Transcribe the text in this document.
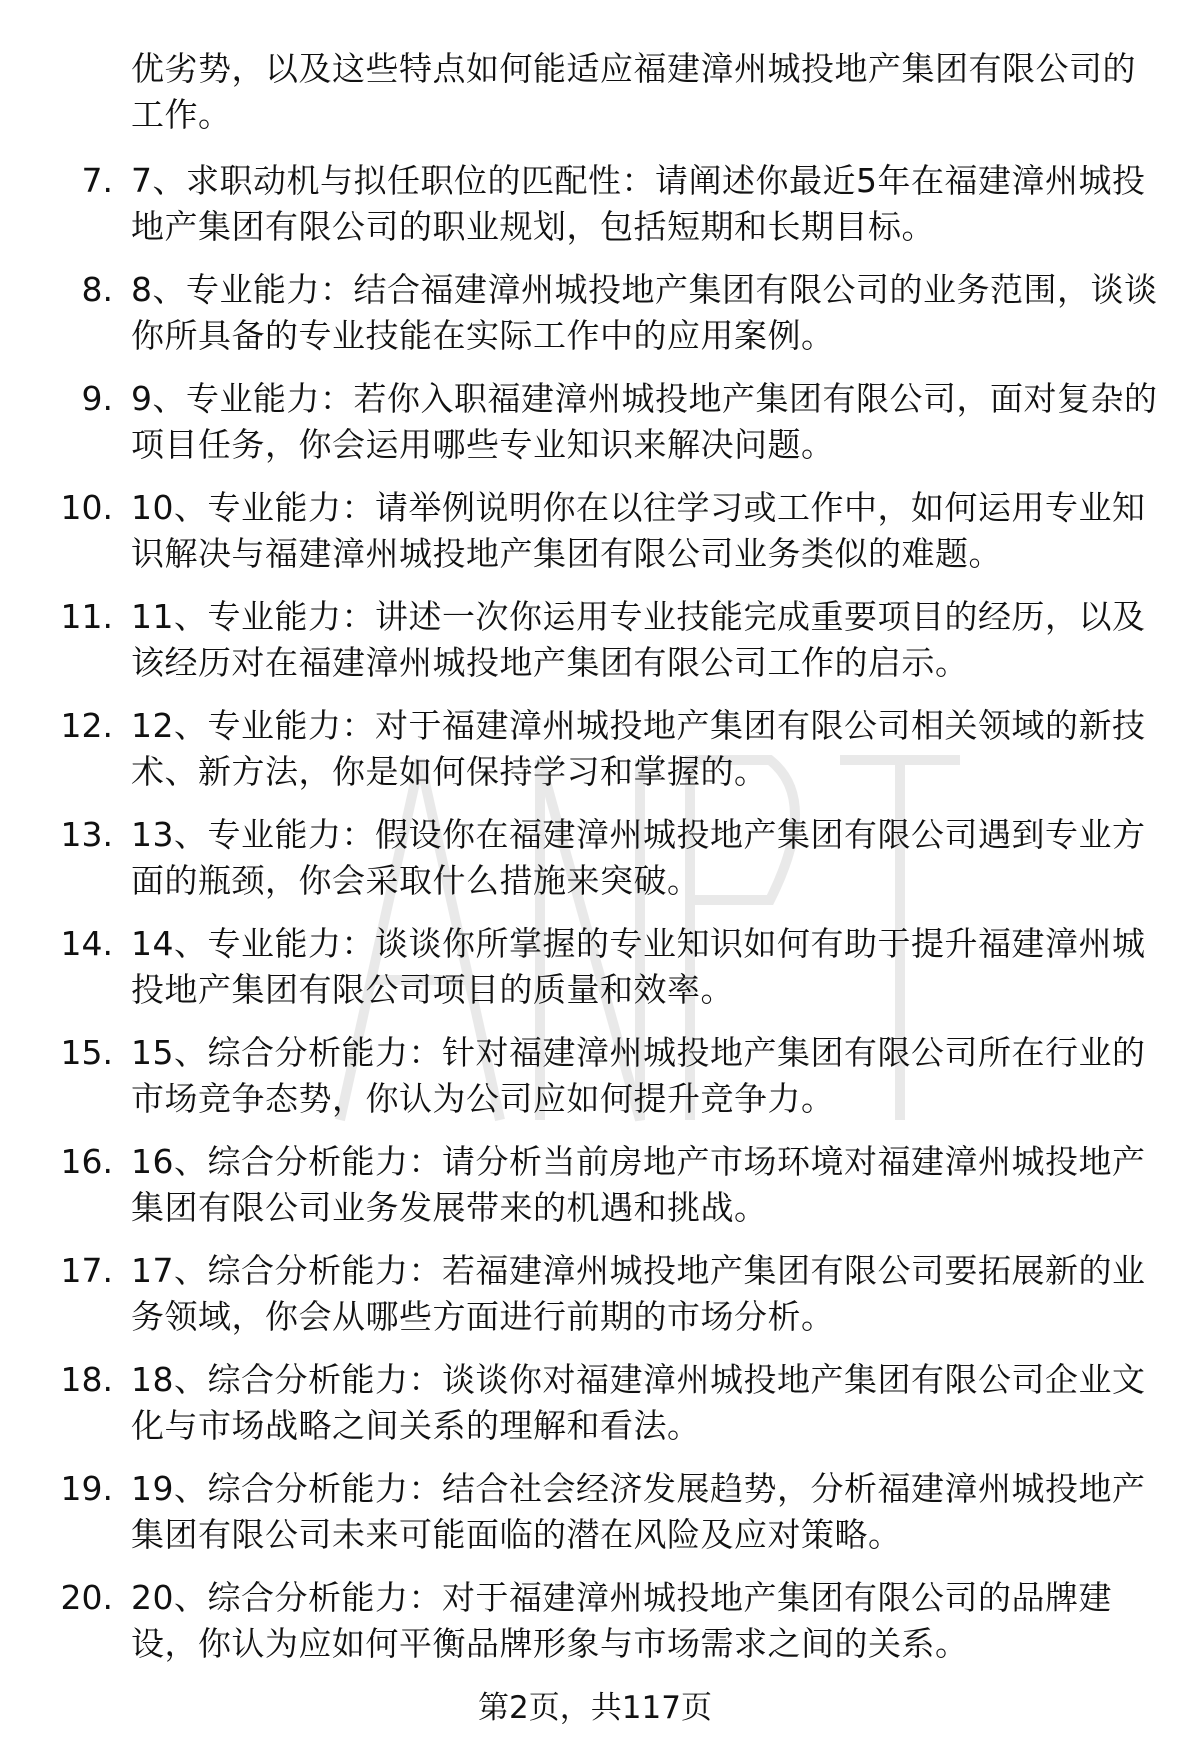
优劣势，以及这些特点如何能适应福建漳州城投地产集团有限公司的工作。
7. 7、求职动机与拟任职位的匹配性：请阐述你最近5年在福建漳州城投地产集团有限公司的职业规划，包括短期和长期目标。
8. 8、专业能力：结合福建漳州城投地产集团有限公司的业务范围，谈谈你所具备的专业技能在实际工作中的应用案例。
9. 9、专业能力：若你入职福建漳州城投地产集团有限公司，面对复杂的项目任务，你会运用哪些专业知识来解决问题。
10. 10、专业能力：请举例说明你在以往学习或工作中，如何运用专业知识解决与福建漳州城投地产集团有限公司业务类似的难题。
11. 11、专业能力：讲述一次你运用专业技能完成重要项目的经历，以及该经历对在福建漳州城投地产集团有限公司工作的启示。
12. 12、专业能力：对于福建漳州城投地产集团有限公司相关领域的新技术、新方法，你是如何保持学习和掌握的。
13. 13、专业能力：假设你在福建漳州城投地产集团有限公司遇到专业方面的瓶颈，你会采取什么措施来突破。
14. 14、专业能力：谈谈你所掌握的专业知识如何有助于提升福建漳州城投地产集团有限公司项目的质量和效率。
15. 15、综合分析能力：针对福建漳州城投地产集团有限公司所在行业的市场竞争态势，你认为公司应如何提升竞争力。
16. 16、综合分析能力：请分析当前房地产市场环境对福建漳州城投地产集团有限公司业务发展带来的机遇和挑战。
17. 17、综合分析能力：若福建漳州城投地产集团有限公司要拓展新的业务领域，你会从哪些方面进行前期的市场分析。
18. 18、综合分析能力：谈谈你对福建漳州城投地产集团有限公司企业文化与市场战略之间关系的理解和看法。
19. 19、综合分析能力：结合社会经济发展趋势，分析福建漳州城投地产集团有限公司未来可能面临的潜在风险及应对策略。
20. 20、综合分析能力：对于福建漳州城投地产集团有限公司的品牌建设，你认为应如何平衡品牌形象与市场需求之间的关系。
第2页，共117页
